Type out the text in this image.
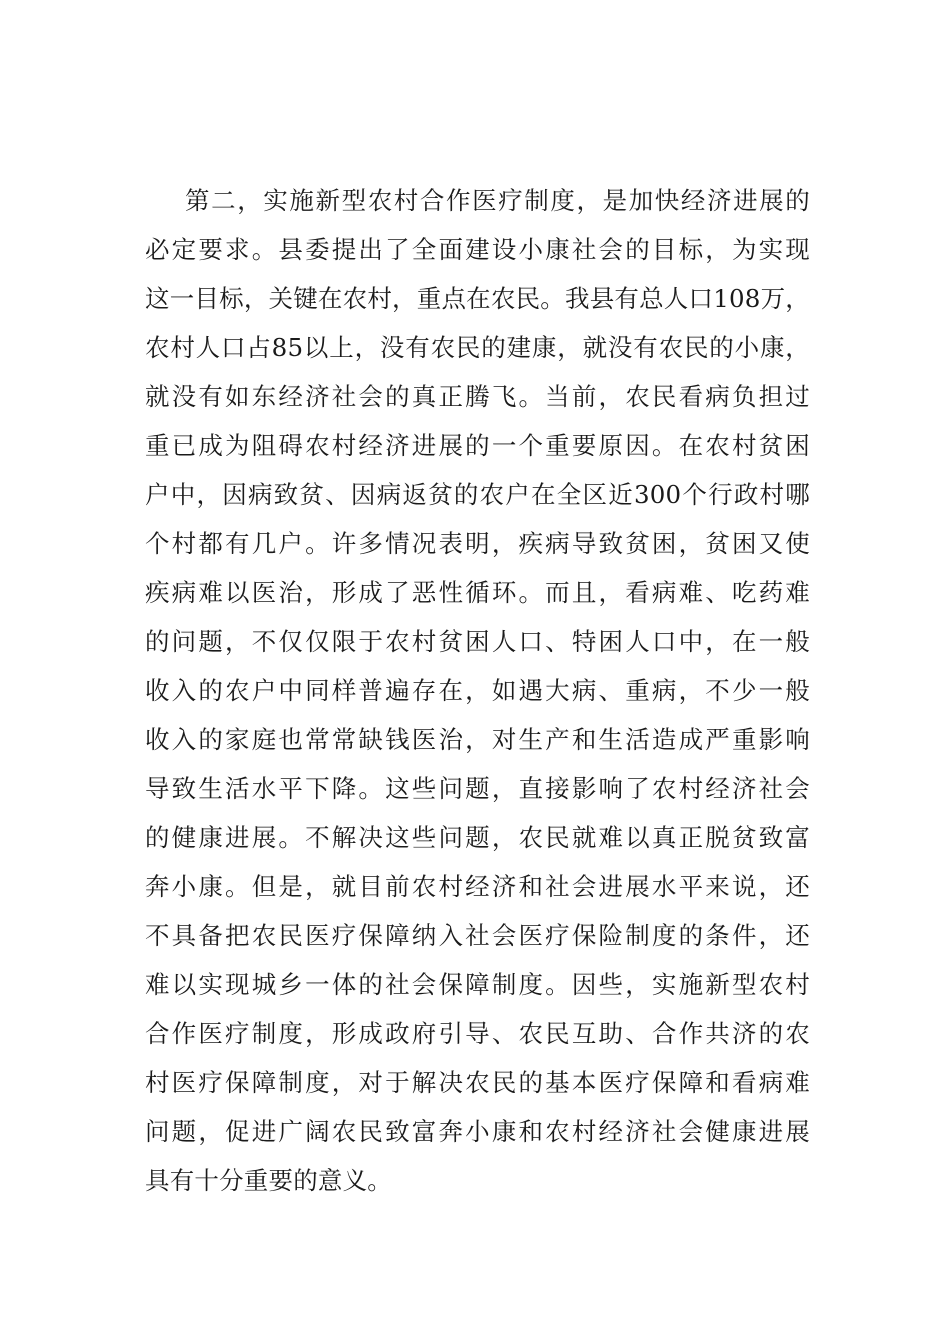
第二，实施新型农村合作医疗制度，是加快经济进展的
必定要求。县委提出了全面建设小康社会的目标，为实现
这一目标，关键在农村，重点在农民。我县有总人口108万，
农村人口占85以上，没有农民的建康，就没有农民的小康，
就没有如东经济社会的真正腾飞。当前，农民看病负担过
重已成为阻碍农村经济进展的一个重要原因。在农村贫困
户中，因病致贫、因病返贫的农户在全区近300个行政村哪
个村都有几户。许多情况表明，疾病导致贫困，贫困又使
疾病难以医治，形成了恶性循环。而且，看病难、吃药难
的问题，不仅仅限于农村贫困人口、特困人口中，在一般
收入的农户中同样普遍存在，如遇大病、重病，不少一般
收入的家庭也常常缺钱医治，对生产和生活造成严重影响
导致生活水平下降。这些问题，直接影响了农村经济社会
的健康进展。不解决这些问题，农民就难以真正脱贫致富
奔小康。但是，就目前农村经济和社会进展水平来说，还
不具备把农民医疗保障纳入社会医疗保险制度的条件，还
难以实现城乡一体的社会保障制度。因些，实施新型农村
合作医疗制度，形成政府引导、农民互助、合作共济的农
村医疗保障制度，对于解决农民的基本医疗保障和看病难
问题，促进广阔农民致富奔小康和农村经济社会健康进展
具有十分重要的意义。
